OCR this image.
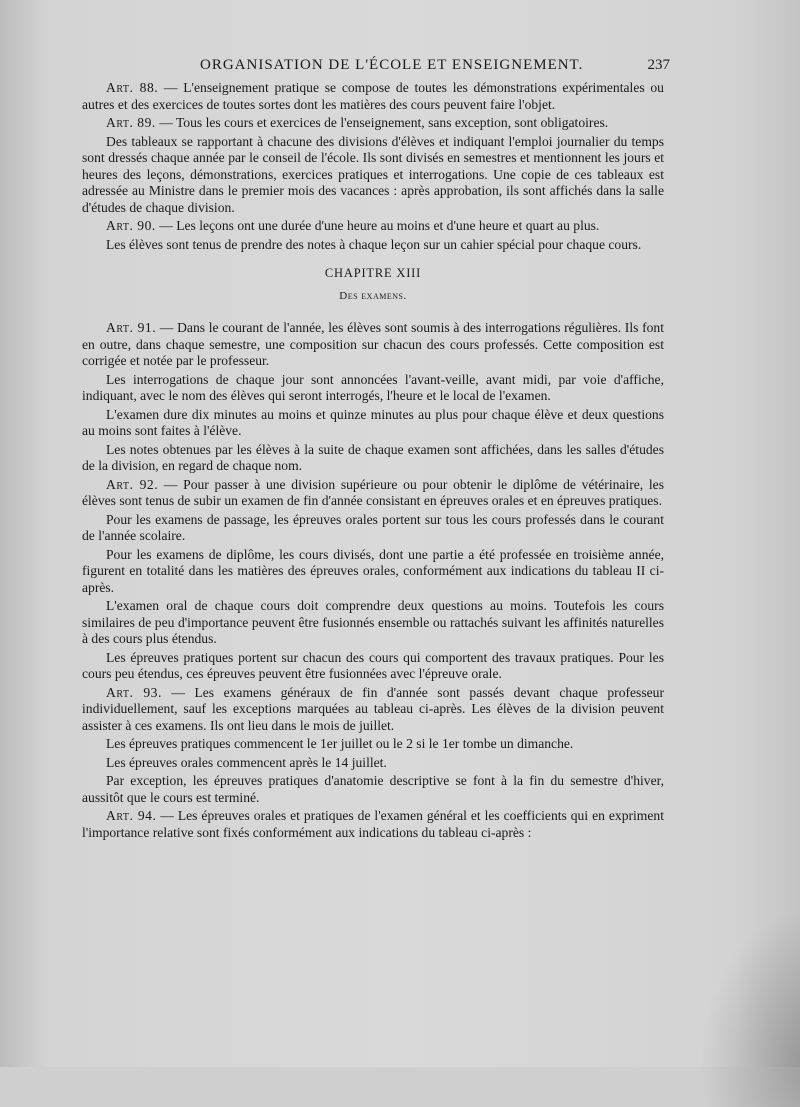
ORGANISATION DE L'ÉCOLE ET ENSEIGNEMENT.	237

Art. 88. — L'enseignement pratique se compose de toutes les démonstrations expérimentales ou autres et des exercices de toutes sortes dont les matières des cours peuvent faire l'objet.

Art. 89. — Tous les cours et exercices de l'enseignement, sans exception, sont obligatoires.

Des tableaux se rapportant à chacune des divisions d'élèves et indiquant l'emploi journalier du temps sont dressés chaque année par le conseil de l'école. Ils sont divisés en semestres et mentionnent les jours et heures des leçons, démonstrations, exercices pratiques et interrogations. Une copie de ces tableaux est adressée au Ministre dans le premier mois des vacances : après approbation, ils sont affichés dans la salle d'études de chaque division.

Art. 90. — Les leçons ont une durée d'une heure au moins et d'une heure et quart au plus.

Les élèves sont tenus de prendre des notes à chaque leçon sur un cahier spécial pour chaque cours.

CHAPITRE XIII
Des examens.

Art. 91. — Dans le courant de l'année, les élèves sont soumis à des interrogations régulières. Ils font en outre, dans chaque semestre, une composition sur chacun des cours professés. Cette composition est corrigée et notée par le professeur.

Les interrogations de chaque jour sont annoncées l'avant-veille, avant midi, par voie d'affiche, indiquant, avec le nom des élèves qui seront interrogés, l'heure et le local de l'examen.

L'examen dure dix minutes au moins et quinze minutes au plus pour chaque élève et deux questions au moins sont faites à l'élève.

Les notes obtenues par les élèves à la suite de chaque examen sont affichées, dans les salles d'études de la division, en regard de chaque nom.

Art. 92. — Pour passer à une division supérieure ou pour obtenir le diplôme de vétérinaire, les élèves sont tenus de subir un examen de fin d'année consistant en épreuves orales et en épreuves pratiques.

Pour les examens de passage, les épreuves orales portent sur tous les cours professés dans le courant de l'année scolaire.

Pour les examens de diplôme, les cours divisés, dont une partie a été professée en troisième année, figurent en totalité dans les matières des épreuves orales, conformément aux indications du tableau II ci-après.

L'examen oral de chaque cours doit comprendre deux questions au moins. Toutefois les cours similaires de peu d'importance peuvent être fusionnés ensemble ou rattachés suivant les affinités naturelles à des cours plus étendus.

Les épreuves pratiques portent sur chacun des cours qui comportent des travaux pratiques. Pour les cours peu étendus, ces épreuves peuvent être fusionnées avec l'épreuve orale.

Art. 93. — Les examens généraux de fin d'année sont passés devant chaque professeur individuellement, sauf les exceptions marquées au tableau ci-après. Les élèves de la division peuvent assister à ces examens. Ils ont lieu dans le mois de juillet.

Les épreuves pratiques commencent le 1er juillet ou le 2 si le 1er tombe un dimanche.

Les épreuves orales commencent après le 14 juillet.

Par exception, les épreuves pratiques d'anatomie descriptive se font à la fin du semestre d'hiver, aussitôt que le cours est terminé.

Art. 94. — Les épreuves orales et pratiques de l'examen général et les coefficients qui en expriment l'importance relative sont fixés conformément aux indications du tableau ci-après :
